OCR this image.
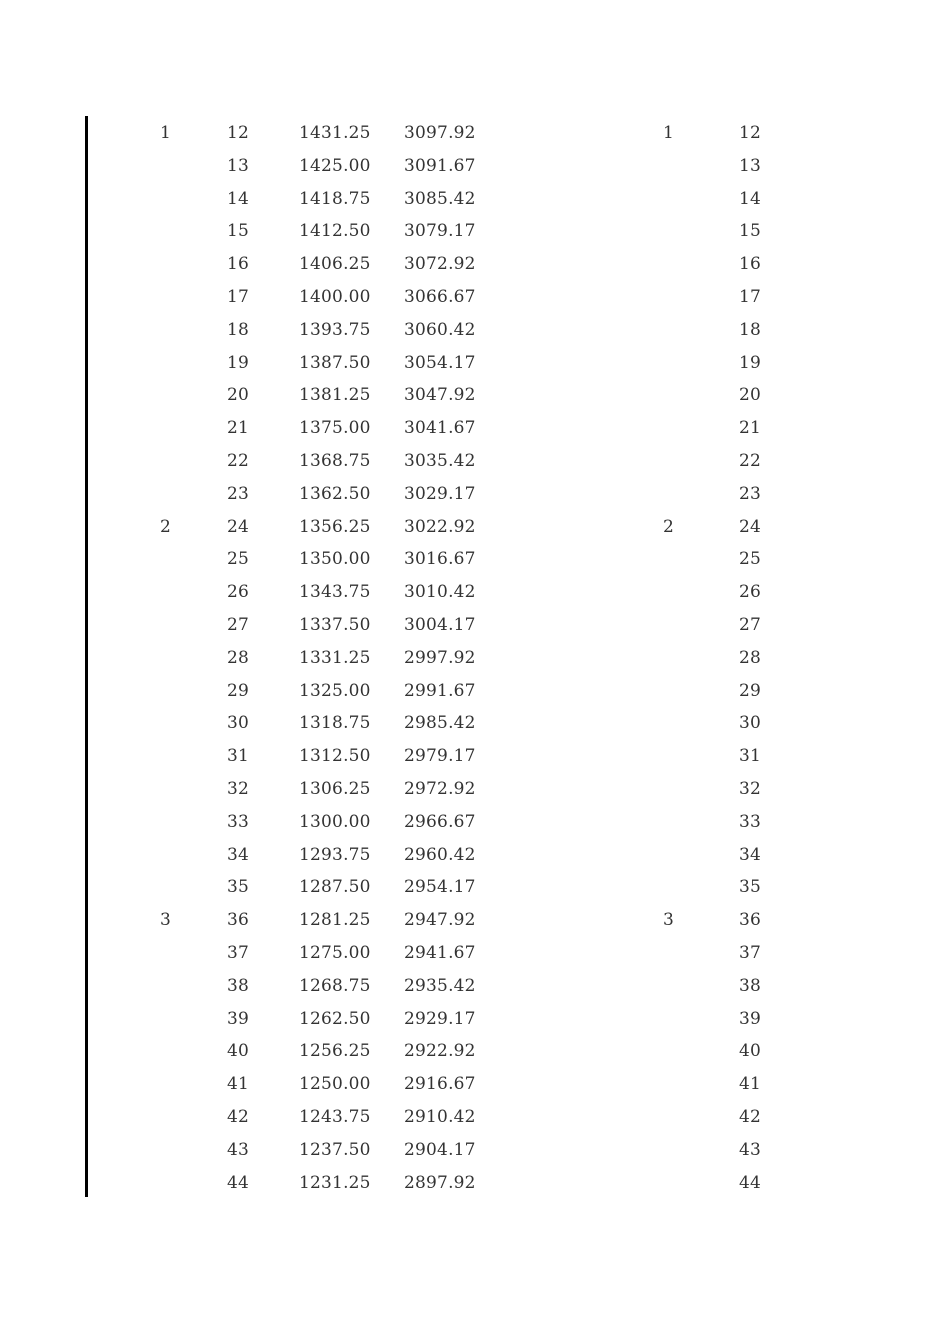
1	12	1431.25 3097.92	1	12
13	1425.00 3091.67	13
14	1418.75 3085.42	14
15	1412.50 3079.17	15
16	1406.25 3072.92	16
17	1400.00 3066.67	17
18	1393.75 3060.42	18
19	1387.50 3054.17	19
20	1381.25 3047.92	20
21	1375.00 3041.67	21
22	1368.75 3035.42	22
23	1362.50 3029.17	23
2	24	1356.25 3022.92	2	24
25	1350.00 3016.67	25
26	1343.75 3010.42	26
27	1337.50 3004.17	27
28	1331.25 2997.92	28
29	1325.00 2991.67	29
30	1318.75 2985.42	30
31	1312.50 2979.17	31
32	1306.25 2972.92	32
33	1300.00 2966.67	33
34	1293.75 2960.42	34
35	1287.50 2954.17	35
3	36	1281.25 2947.92	3	36
37	1275.00 2941.67	37
38	1268.75 2935.42	38
39	1262.50 2929.17	39
40	1256.25 2922.92	40
41	1250.00 2916.67	41
42	1243.75 2910.42	42
43	1237.50 2904.17	43
44	1231.25 2897.92	44
